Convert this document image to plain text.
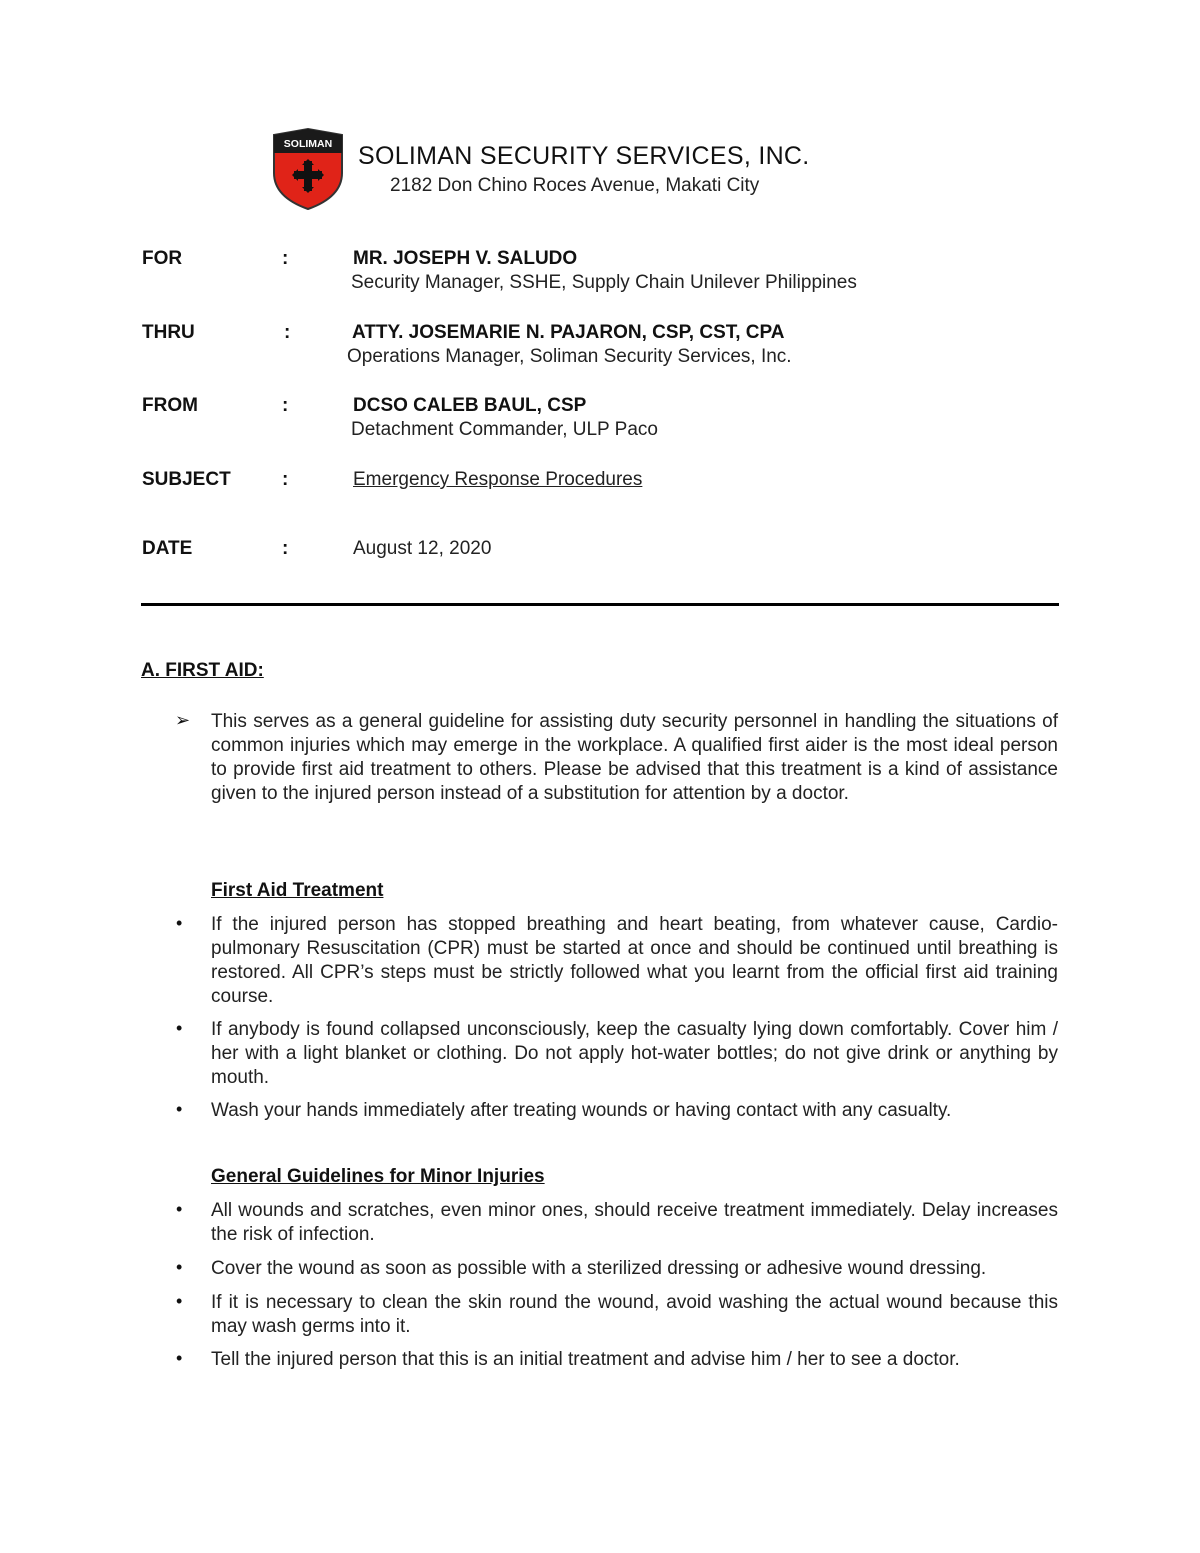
SOLIMAN SOLIMAN SECURITY SERVICES, INC.
2182 Don Chino Roces Avenue, Makati City
FOR	:	MR. JOSEPH V. SALUDO
Security Manager, SSHE, Supply Chain Unilever Philippines
THRU	:	ATTY. JOSEMARIE N. PAJARON, CSP, CST, CPA
Operations Manager, Soliman Security Services, Inc.
FROM	:	DCSO CALEB BAUL, CSP
Detachment Commander, ULP Paco
SUBJECT	:	Emergency Response Procedures
DATE	:	August 12, 2020
A. FIRST AID:
➢ This serves as a general guideline for assisting duty security personnel in handling the situations of common injuries which may emerge in the workplace. A qualified first aider is the most ideal person to provide first aid treatment to others. Please be advised that this treatment is a kind of assistance given to the injured person instead of a substitution for attention by a doctor.
First Aid Treatment
• If the injured person has stopped breathing and heart beating, from whatever cause, Cardio-pulmonary Resuscitation (CPR) must be started at once and should be continued until breathing is restored. All CPR’s steps must be strictly followed what you learnt from the official first aid training course.
• If anybody is found collapsed unconsciously, keep the casualty lying down comfortably. Cover him / her with a light blanket or clothing. Do not apply hot-water bottles; do not give drink or anything by mouth.
• Wash your hands immediately after treating wounds or having contact with any casualty.
General Guidelines for Minor Injuries
• All wounds and scratches, even minor ones, should receive treatment immediately. Delay increases the risk of infection.
• Cover the wound as soon as possible with a sterilized dressing or adhesive wound dressing.
• If it is necessary to clean the skin round the wound, avoid washing the actual wound because this may wash germs into it.
• Tell the injured person that this is an initial treatment and advise him / her to see a doctor.
